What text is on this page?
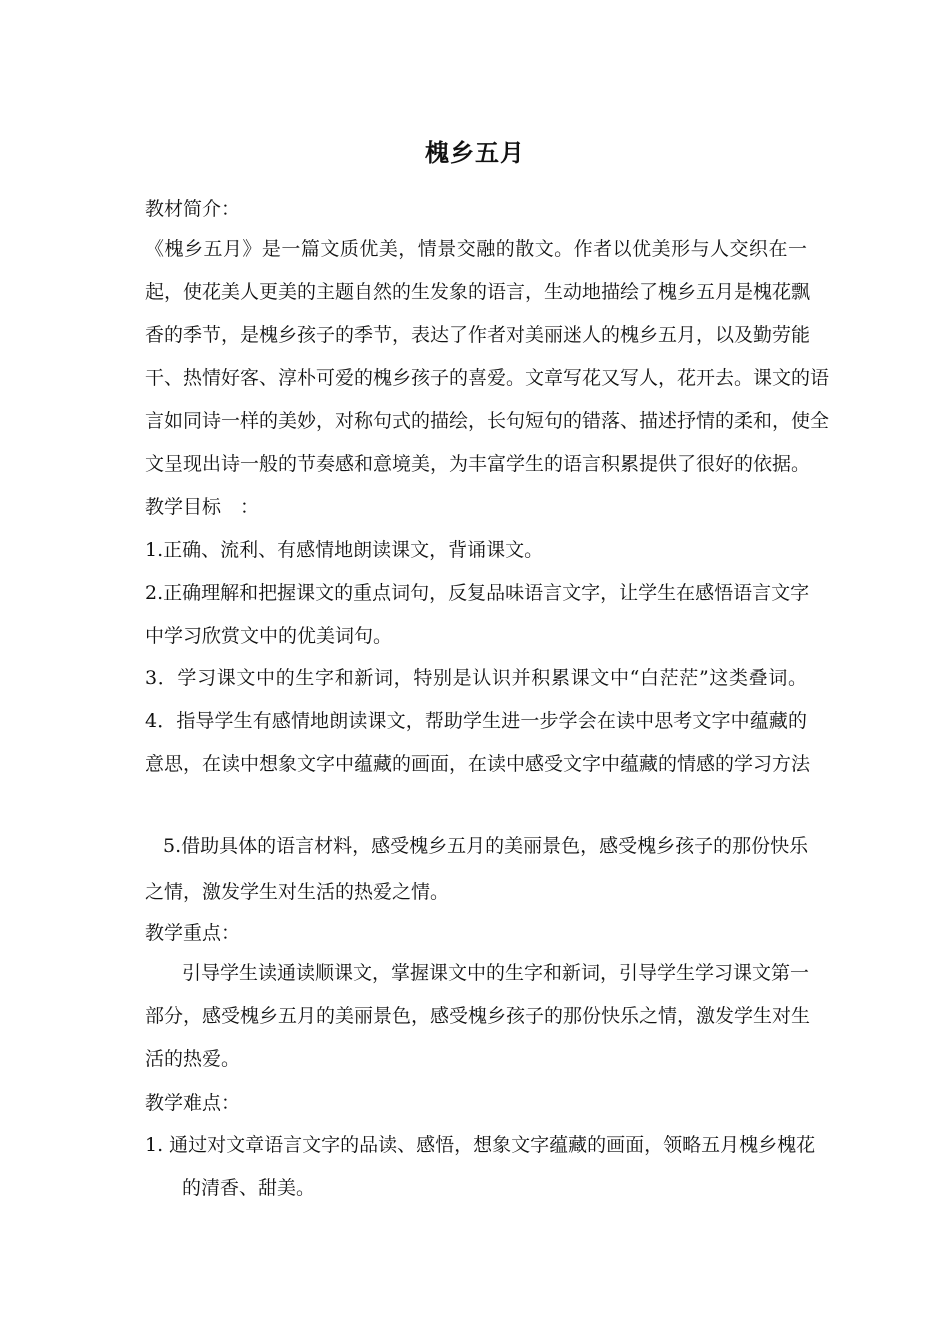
槐乡五月
教材简介：
《槐乡五月》是一篇文质优美，情景交融的散文。作者以优美形与人交织在一
起，使花美人更美的主题自然的生发象的语言，生动地描绘了槐乡五月是槐花飘
香的季节，是槐乡孩子的季节，表达了作者对美丽迷人的槐乡五月，以及勤劳能
干、热情好客、淳朴可爱的槐乡孩子的喜爱。文章写花又写人，花开去。课文的语
言如同诗一样的美妙，对称句式的描绘，长句短句的错落、描述抒情的柔和，使全
文呈现出诗一般的节奏感和意境美，为丰富学生的语言积累提供了很好的依据。
教学目标　：
1.正确、流利、有感情地朗读课文，背诵课文。
2.正确理解和把握课文的重点词句，反复品味语言文字，让学生在感悟语言文字
中学习欣赏文中的优美词句。
3．学习课文中的生字和新词，特别是认识并积累课文中“白茫茫”这类叠词。
4．指导学生有感情地朗读课文，帮助学生进一步学会在读中思考文字中蕴藏的
意思，在读中想象文字中蕴藏的画面，在读中感受文字中蕴藏的情感的学习方法
5.借助具体的语言材料，感受槐乡五月的美丽景色，感受槐乡孩子的那份快乐
之情，激发学生对生活的热爱之情。
教学重点：
引导学生读通读顺课文，掌握课文中的生字和新词，引导学生学习课文第一
部分，感受槐乡五月的美丽景色，感受槐乡孩子的那份快乐之情，激发学生对生
活的热爱。
教学难点：
1. 通过对文章语言文字的品读、感悟，想象文字蕴藏的画面，领略五月槐乡槐花
的清香、甜美。
